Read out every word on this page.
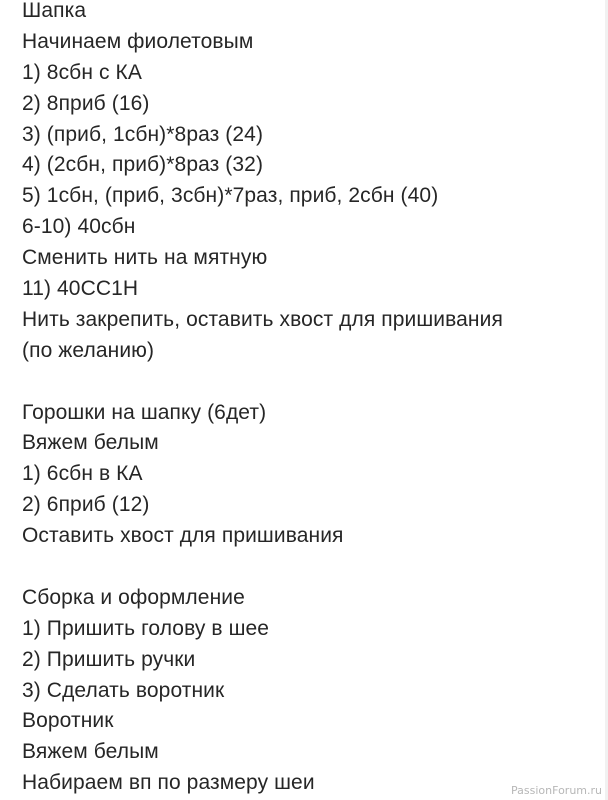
Шапка
Начинаем фиолетовым
1) 8сбн с КА
2) 8приб (16)
3) (приб, 1сбн)*8раз (24)
4) (2сбн, приб)*8раз (32)
5) 1сбн, (приб, 3сбн)*7раз, приб, 2сбн (40)
6-10) 40сбн
Сменить нить на мятную
11) 40СС1Н
Нить закрепить, оставить хвост для пришивания
(по желанию)
Горошки на шапку (6дет)
Вяжем белым
1) 6сбн в КА
2) 6приб (12)
Оставить хвост для пришивания
Сборка и оформление
1) Пришить голову в шее
2) Пришить ручки
3) Сделать воротник
Воротник
Вяжем белым
Набираем вп по размеру шеи	PassionForum.ru
